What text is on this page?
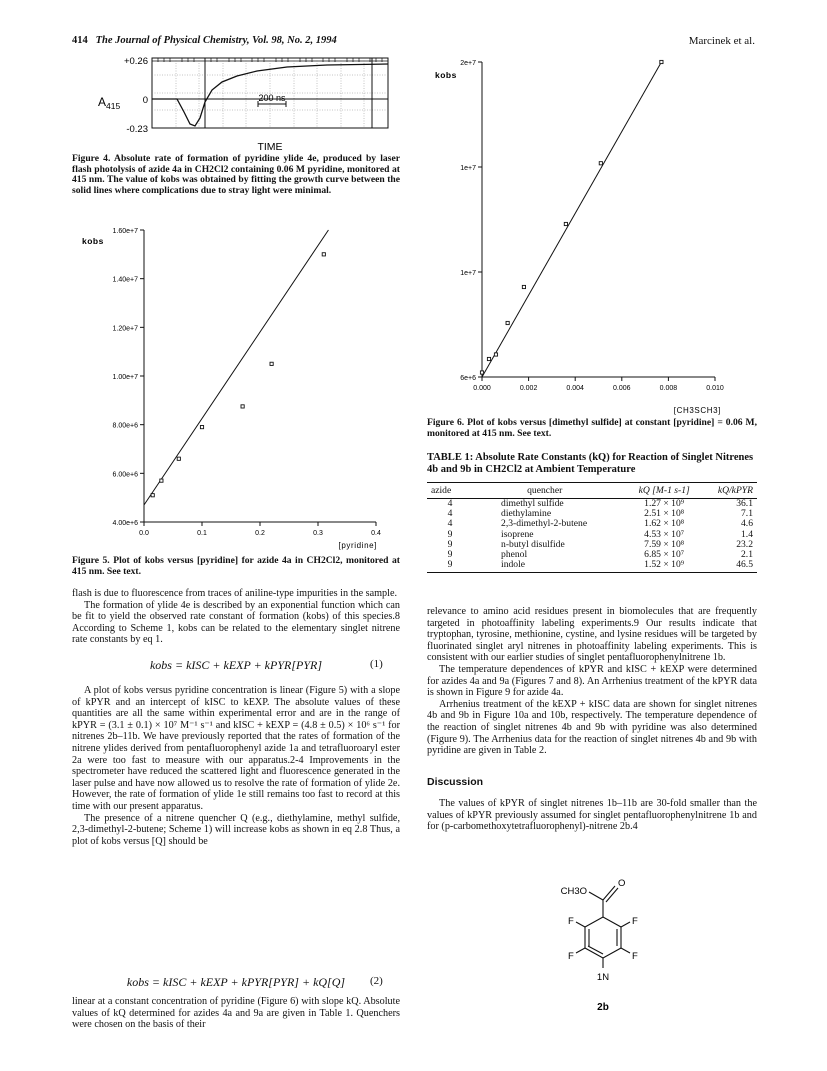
414 The Journal of Physical Chemistry, Vol. 98, No. 2, 1994	Marcinek et al.
200 ns
+0.26
0
-0.23
$A_{415}$
TIME
Figure 4. Absolute rate of formation of pyridine ylide 4e, produced by laser flash photolysis of azide 4a in CH2Cl2 containing 0.06 M pyridine, monitored at 415 nm. The value of kobs was obtained by fitting the growth curve between the solid lines where complications due to stray light were minimal.
4.00e+6
6.00e+6
8.00e+6
1.00e+7
1.20e+7
1.40e+7
1.60e+7
0.0	0.1	0.2	0.3	0.4
kobs
[pyridine]
Figure 5. Plot of kobs versus [pyridine] for azide 4a in CH2Cl2, monitored at 415 nm. See text.

flash is due to fluorescence from traces of aniline-type impurities in the sample.

The formation of ylide 4e is described by an exponential function which can be fit to yield the observed rate constant of formation (kobs) of this species.8 According to Scheme 1, kobs can be related to the elementary singlet nitrene rate constants by eq 1.

kobs = kISC + kEXP + kPYR[PYR]	(1)

A plot of kobs versus pyridine concentration is linear (Figure 5) with a slope of kPYR and an intercept of kISC to kEXP. The absolute values of these quantities are all the same within experimental error and are in the range of kPYR = (3.1 ± 0.1) × 10⁷ M⁻¹ s⁻¹ and kISC + kEXP = (4.8 ± 0.5) × 10⁶ s⁻¹ for nitrenes 2b–11b. We have previously reported that the rates of formation of the nitrene ylides derived from pentafluorophenyl azide 1a and tetrafluoroaryl ester 2a were too fast to measure with our apparatus.2-4 Improvements in the spectrometer have reduced the scattered light and fluorescence generated in the laser pulse and have now allowed us to resolve the rate of formation of ylide 2e. However, the rate of formation of ylide 1e still remains too fast to record at this time with our present apparatus.

The presence of a nitrene quencher Q (e.g., diethylamine, methyl sulfide, 2,3-dimethyl-2-butene; Scheme 1) will increase kobs as shown in eq 2.8 Thus, a plot of kobs versus [Q] should be

kobs = kISC + kEXP + kPYR[PYR] + kQ[Q]	(2)

linear at a constant concentration of pyridine (Figure 6) with slope kQ. Absolute values of kQ determined for azides 4a and 9a are given in Table 1. Quenchers were chosen on the basis of their

6e+6
1e+7
1e+7
2e+7
0.000	0.002	0.004	0.006	0.008	0.010
kobs
[CH3SCH3]
Figure 6. Plot of kobs versus [dimethyl sulfide] at constant [pyridine] = 0.06 M, monitored at 415 nm. See text.
TABLE 1: Absolute Rate Constants (kQ) for Reaction of Singlet Nitrenes 4b and 9b in CH2Cl2 at Ambient Temperature
azide	quencher	kQ [M-1 s-1]	kQ/kPYR
4	dimethyl sulfide	1.27 × 10⁹	36.1
4	diethylamine	2.51 × 10⁸	7.1
4	2,3-dimethyl-2-butene	1.62 × 10⁸	4.6
9	isoprene	4.53 × 10⁷	1.4
9	n-butyl disulfide	7.59 × 10⁸	23.2
9	phenol	6.85 × 10⁷	2.1
9	indole	1.52 × 10⁹	46.5

relevance to amino acid residues present in biomolecules that are frequently targeted in photoaffinity labeling experiments.9 Our results indicate that tryptophan, tyrosine, methionine, cystine, and lysine residues will be targeted by fluorinated singlet aryl nitrenes in photoaffinity labeling experiments. This is consistent with our earlier studies of singlet pentafluorophenylnitrene 1b.

The temperature dependences of kPYR and kISC + kEXP were determined for azides 4a and 9a (Figures 7 and 8). An Arrhenius treatment of the kPYR data is shown in Figure 9 for azide 4a.

Arrhenius treatment of the kEXP + kISC data are shown for singlet nitrenes 4b and 9b in Figure 10a and 10b, respectively. The temperature dependence of the reaction of singlet nitrenes 4b and 9b with pyridine was also determined (Figure 9). The Arrhenius data for the reaction of singlet nitrenes 4b and 9b with pyridine are given in Table 2.

Discussion

The values of kPYR of singlet nitrenes 1b–11b are 30-fold smaller than the values of kPYR previously assumed for singlet pentafluorophenylnitrene 1b and for (p-carbomethoxytetrafluorophenyl)-nitrene 2b.4

CH3O
O
F	F
F	F
1N
2b
